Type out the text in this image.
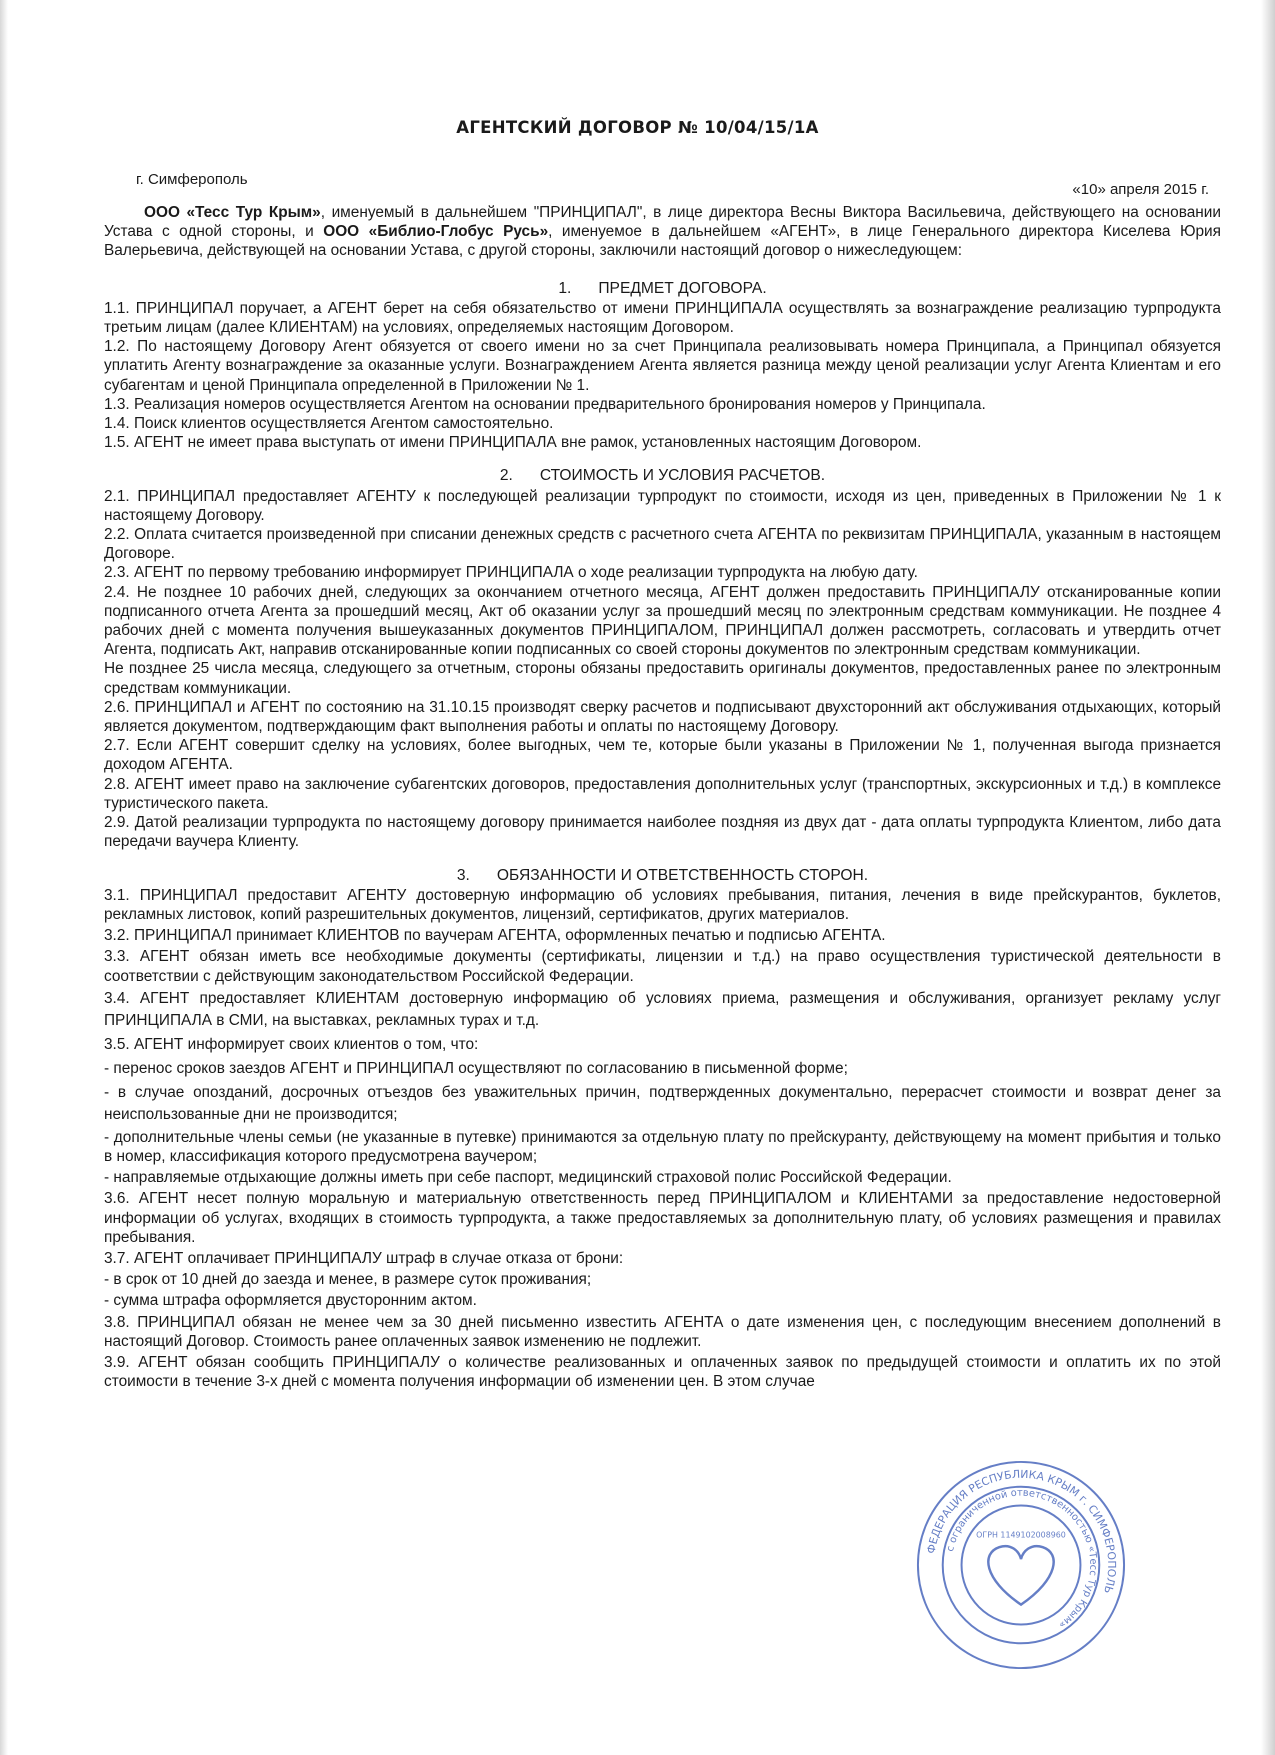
АГЕНТСКИЙ ДОГОВОР № 10/04/15/1А
г. Симферополь
«10» апреля 2015 г.

ООО «Тесс Тур Крым», именуемый в дальнейшем "ПРИНЦИПАЛ", в лице директора Весны Виктора Васильевича, действующего на основании Устава с одной стороны, и ООО «Библио-Глобус Русь», именуемое в дальнейшем «АГЕНТ», в лице Генерального директора Киселева Юрия Валерьевича, действующей на основании Устава, с другой стороны, заключили настоящий договор о нижеследующем:

1. ПРЕДМЕТ ДОГОВОРА.

1.1. ПРИНЦИПАЛ поручает, а АГЕНТ берет на себя обязательство от имени ПРИНЦИПАЛА осуществлять за вознаграждение реализацию турпродукта третьим лицам (далее КЛИЕНТАМ) на условиях, определяемых настоящим Договором.

1.2. По настоящему Договору Агент обязуется от своего имени но за счет Принципала реализовывать номера Принципала, а Принципал обязуется уплатить Агенту вознаграждение за оказанные услуги. Вознаграждением Агента является разница между ценой реализации услуг Агента Клиентам и его субагентам и ценой Принципала определенной в Приложении № 1.

1.3. Реализация номеров осуществляется Агентом на основании предварительного бронирования номеров у Принципала.

1.4. Поиск клиентов осуществляется Агентом самостоятельно.

1.5. АГЕНТ не имеет права выступать от имени ПРИНЦИПАЛА вне рамок, установленных настоящим Договором.

2. СТОИМОСТЬ И УСЛОВИЯ РАСЧЕТОВ.

2.1. ПРИНЦИПАЛ предоставляет АГЕНТУ к последующей реализации турпродукт по стоимости, исходя из цен, приведенных в Приложении № 1 к настоящему Договору.

2.2. Оплата считается произведенной при списании денежных средств с расчетного счета АГЕНТА по реквизитам ПРИНЦИПАЛА, указанным в настоящем Договоре.

2.3. АГЕНТ по первому требованию информирует ПРИНЦИПАЛА о ходе реализации турпродукта на любую дату.

2.4. Не позднее 10 рабочих дней, следующих за окончанием отчетного месяца, АГЕНТ должен предоставить ПРИНЦИПАЛУ отсканированные копии подписанного отчета Агента за прошедший месяц, Акт об оказании услуг за прошедший месяц по электронным средствам коммуникации. Не позднее 4 рабочих дней с момента получения вышеуказанных документов ПРИНЦИПАЛОМ, ПРИНЦИПАЛ должен рассмотреть, согласовать и утвердить отчет Агента, подписать Акт, направив отсканированные копии подписанных со своей стороны документов по электронным средствам коммуникации.

Не позднее 25 числа месяца, следующего за отчетным, стороны обязаны предоставить оригиналы документов, предоставленных ранее по электронным средствам коммуникации.

2.6. ПРИНЦИПАЛ и АГЕНТ по состоянию на 31.10.15 производят сверку расчетов и подписывают двухсторонний акт обслуживания отдыхающих, который является документом, подтверждающим факт выполнения работы и оплаты по настоящему Договору.

2.7. Если АГЕНТ совершит сделку на условиях, более выгодных, чем те, которые были указаны в Приложении № 1, полученная выгода признается доходом АГЕНТА.

2.8. АГЕНТ имеет право на заключение субагентских договоров, предоставления дополнительных услуг (транспортных, экскурсионных и т.д.) в комплексе туристического пакета.

2.9. Датой реализации турпродукта по настоящему договору принимается наиболее поздняя из двух дат - дата оплаты турпродукта Клиентом, либо дата передачи ваучера Клиенту.

3. ОБЯЗАННОСТИ И ОТВЕТСТВЕННОСТЬ СТОРОН.

3.1. ПРИНЦИПАЛ предоставит АГЕНТУ достоверную информацию об условиях пребывания, питания, лечения в виде прейскурантов, буклетов, рекламных листовок, копий разрешительных документов, лицензий, сертификатов, других материалов.

3.2. ПРИНЦИПАЛ принимает КЛИЕНТОВ по ваучерам АГЕНТА, оформленных печатью и подписью АГЕНТА.

3.3. АГЕНТ обязан иметь все необходимые документы (сертификаты, лицензии и т.д.) на право осуществления туристической деятельности в соответствии с действующим законодательством Российской Федерации.

3.4. АГЕНТ предоставляет КЛИЕНТАМ достоверную информацию об условиях приема, размещения и обслуживания, организует рекламу услуг ПРИНЦИПАЛА в СМИ, на выставках, рекламных турах и т.д.

3.5. АГЕНТ информирует своих клиентов о том, что:

- перенос сроков заездов АГЕНТ и ПРИНЦИПАЛ осуществляют по согласованию в письменной форме;

- в случае опозданий, досрочных отъездов без уважительных причин, подтвержденных документально, перерасчет стоимости и возврат денег за неиспользованные дни не производится;

- дополнительные члены семьи (не указанные в путевке) принимаются за отдельную плату по прейскуранту, действующему на момент прибытия и только в номер, классификация которого предусмотрена ваучером;

- направляемые отдыхающие должны иметь при себе паспорт, медицинский страховой полис Российской Федерации.

3.6. АГЕНТ несет полную моральную и материальную ответственность перед ПРИНЦИПАЛОМ и КЛИЕНТАМИ за предоставление недостоверной информации об услугах, входящих в стоимость турпродукта, а также предоставляемых за дополнительную плату, об условиях размещения и правилах пребывания.

3.7. АГЕНТ оплачивает ПРИНЦИПАЛУ штраф в случае отказа от брони:

- в срок от 10 дней до заезда и менее, в размере суток проживания;

- сумма штрафа оформляется двусторонним актом.

3.8. ПРИНЦИПАЛ обязан не менее чем за 30 дней письменно известить АГЕНТА о дате изменения цен, с последующим внесением дополнений в настоящий Договор. Стоимость ранее оплаченных заявок изменению не подлежит.

3.9. АГЕНТ обязан сообщить ПРИНЦИПАЛУ о количестве реализованных и оплаченных заявок по предыдущей стоимости и оплатить их по этой стоимости в течение 3-х дней с момента получения информации об изменении цен. В этом случае

ФЕДЕРАЦИЯ РЕСПУБЛИКА КРЫМ г. СИМФЕРОПОЛЬ
с ограниченной ответственностью «Тесс Тур Крым»
ОГРН 1149102008960
